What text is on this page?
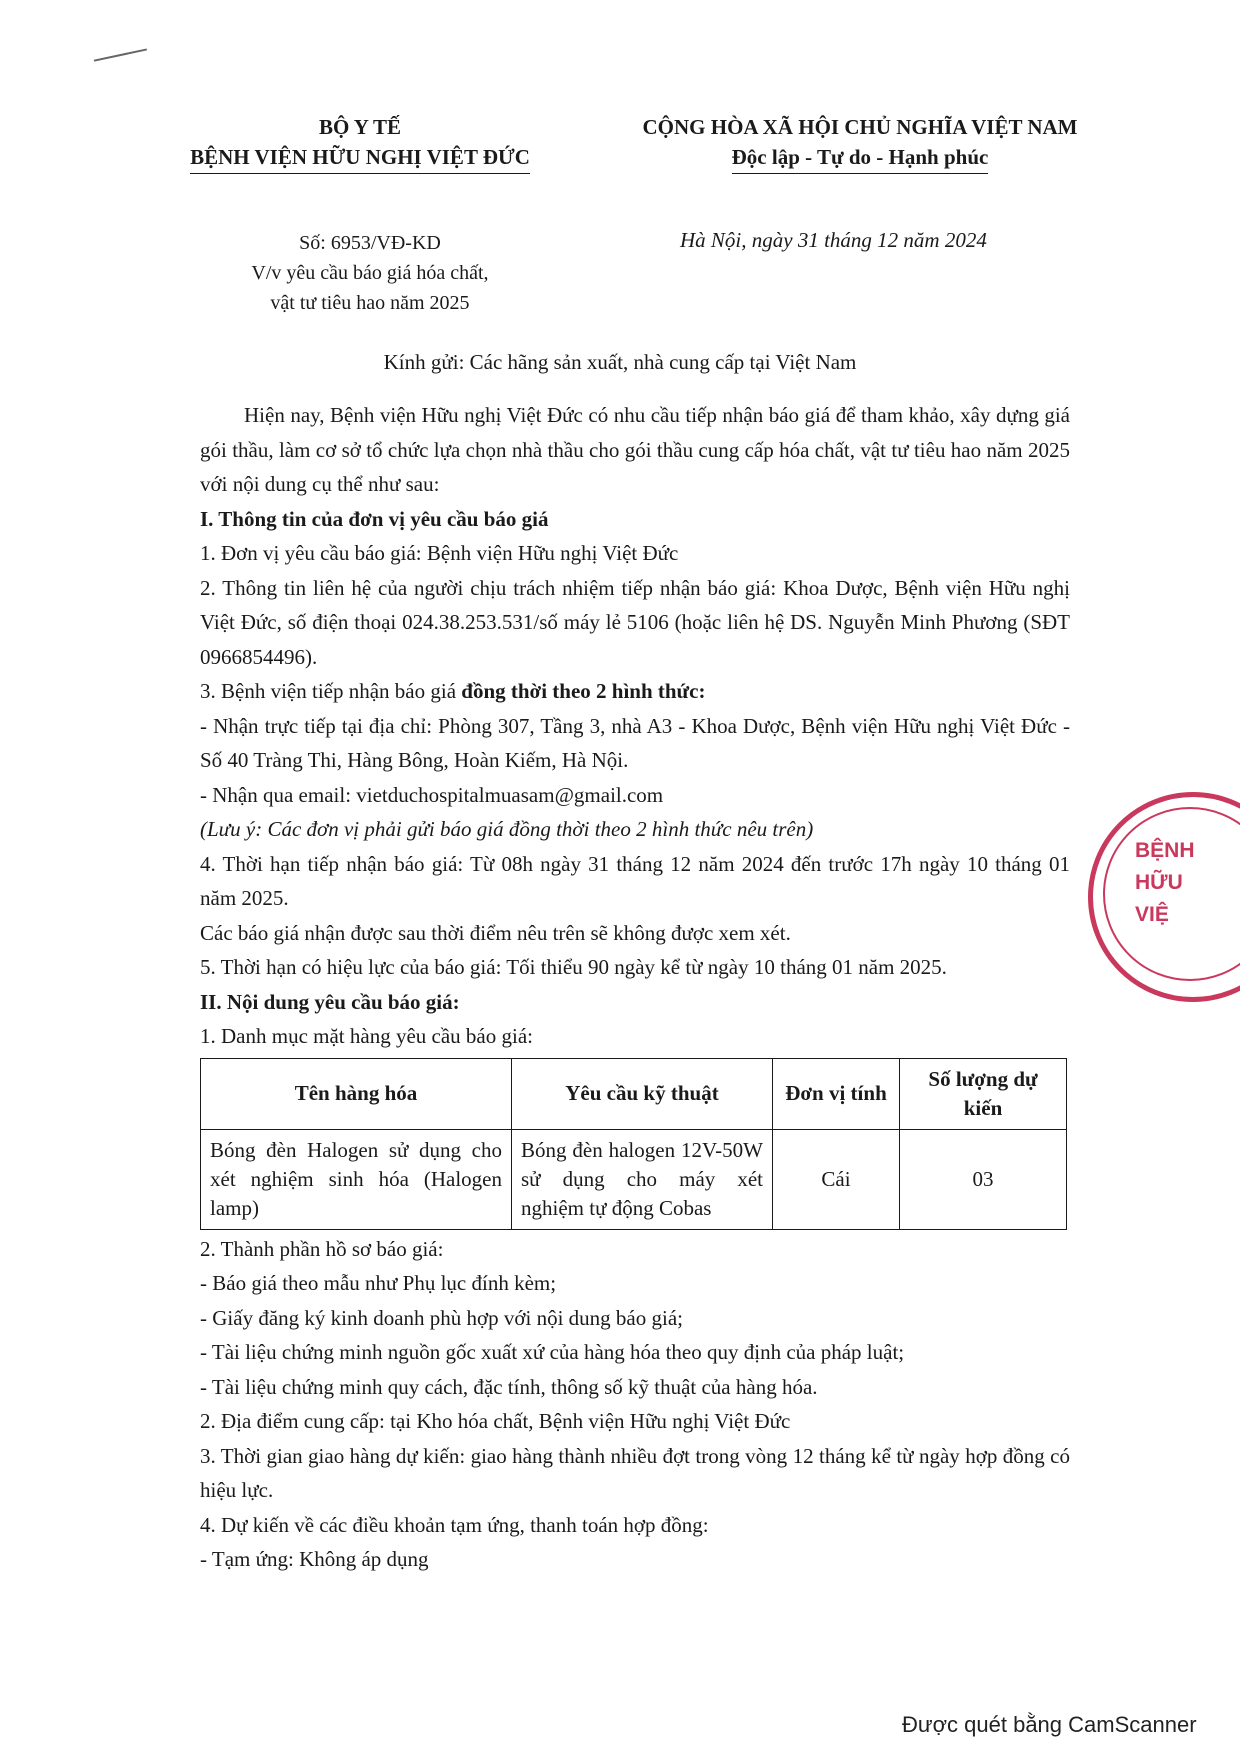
BỘ Y TẾ
BỆNH VIỆN HỮU NGHỊ VIỆT ĐỨC
CỘNG HÒA XÃ HỘI CHỦ NGHĨA VIỆT NAM
Độc lập - Tự do - Hạnh phúc
Số: 6953/VĐ-KD
V/v yêu cầu báo giá hóa chất,
vật tư tiêu hao năm 2025
Hà Nội, ngày 31 tháng 12 năm 2024
Kính gửi: Các hãng sản xuất, nhà cung cấp tại Việt Nam

Hiện nay, Bệnh viện Hữu nghị Việt Đức có nhu cầu tiếp nhận báo giá để tham khảo, xây dựng giá gói thầu, làm cơ sở tổ chức lựa chọn nhà thầu cho gói thầu cung cấp hóa chất, vật tư tiêu hao năm 2025 với nội dung cụ thể như sau:

I. Thông tin của đơn vị yêu cầu báo giá

1. Đơn vị yêu cầu báo giá: Bệnh viện Hữu nghị Việt Đức

2. Thông tin liên hệ của người chịu trách nhiệm tiếp nhận báo giá: Khoa Dược, Bệnh viện Hữu nghị Việt Đức, số điện thoại 024.38.253.531/số máy lẻ 5106 (hoặc liên hệ DS. Nguyễn Minh Phương (SĐT 0966854496).

3. Bệnh viện tiếp nhận báo giá đồng thời theo 2 hình thức:

- Nhận trực tiếp tại địa chỉ: Phòng 307, Tầng 3, nhà A3 - Khoa Dược, Bệnh viện Hữu nghị Việt Đức - Số 40 Tràng Thi, Hàng Bông, Hoàn Kiếm, Hà Nội.

- Nhận qua email: vietduchospitalmuasam@gmail.com

(Lưu ý: Các đơn vị phải gửi báo giá đồng thời theo 2 hình thức nêu trên)

4. Thời hạn tiếp nhận báo giá: Từ 08h ngày 31 tháng 12 năm 2024 đến trước 17h ngày 10 tháng 01 năm 2025.

Các báo giá nhận được sau thời điểm nêu trên sẽ không được xem xét.

5. Thời hạn có hiệu lực của báo giá: Tối thiểu 90 ngày kể từ ngày 10 tháng 01 năm 2025.

II. Nội dung yêu cầu báo giá:

1. Danh mục mặt hàng yêu cầu báo giá:

Tên hàng hóa	Yêu cầu kỹ thuật	Đơn vị tính	Số lượng dự kiến
Bóng đèn Halogen sử dụng cho xét nghiệm sinh hóa (Halogen lamp)	Bóng đèn halogen 12V-50W sử dụng cho máy xét nghiệm tự động Cobas	Cái	03

2. Thành phần hồ sơ báo giá:

- Báo giá theo mẫu như Phụ lục đính kèm;

- Giấy đăng ký kinh doanh phù hợp với nội dung báo giá;

- Tài liệu chứng minh nguồn gốc xuất xứ của hàng hóa theo quy định của pháp luật;

- Tài liệu chứng minh quy cách, đặc tính, thông số kỹ thuật của hàng hóa.

2. Địa điểm cung cấp: tại Kho hóa chất, Bệnh viện Hữu nghị Việt Đức

3. Thời gian giao hàng dự kiến: giao hàng thành nhiều đợt trong vòng 12 tháng kể từ ngày hợp đồng có hiệu lực.

4. Dự kiến về các điều khoản tạm ứng, thanh toán hợp đồng:

- Tạm ứng: Không áp dụng

BỆNH
HỮU
VIỆ
Được quét bằng CamScanner
